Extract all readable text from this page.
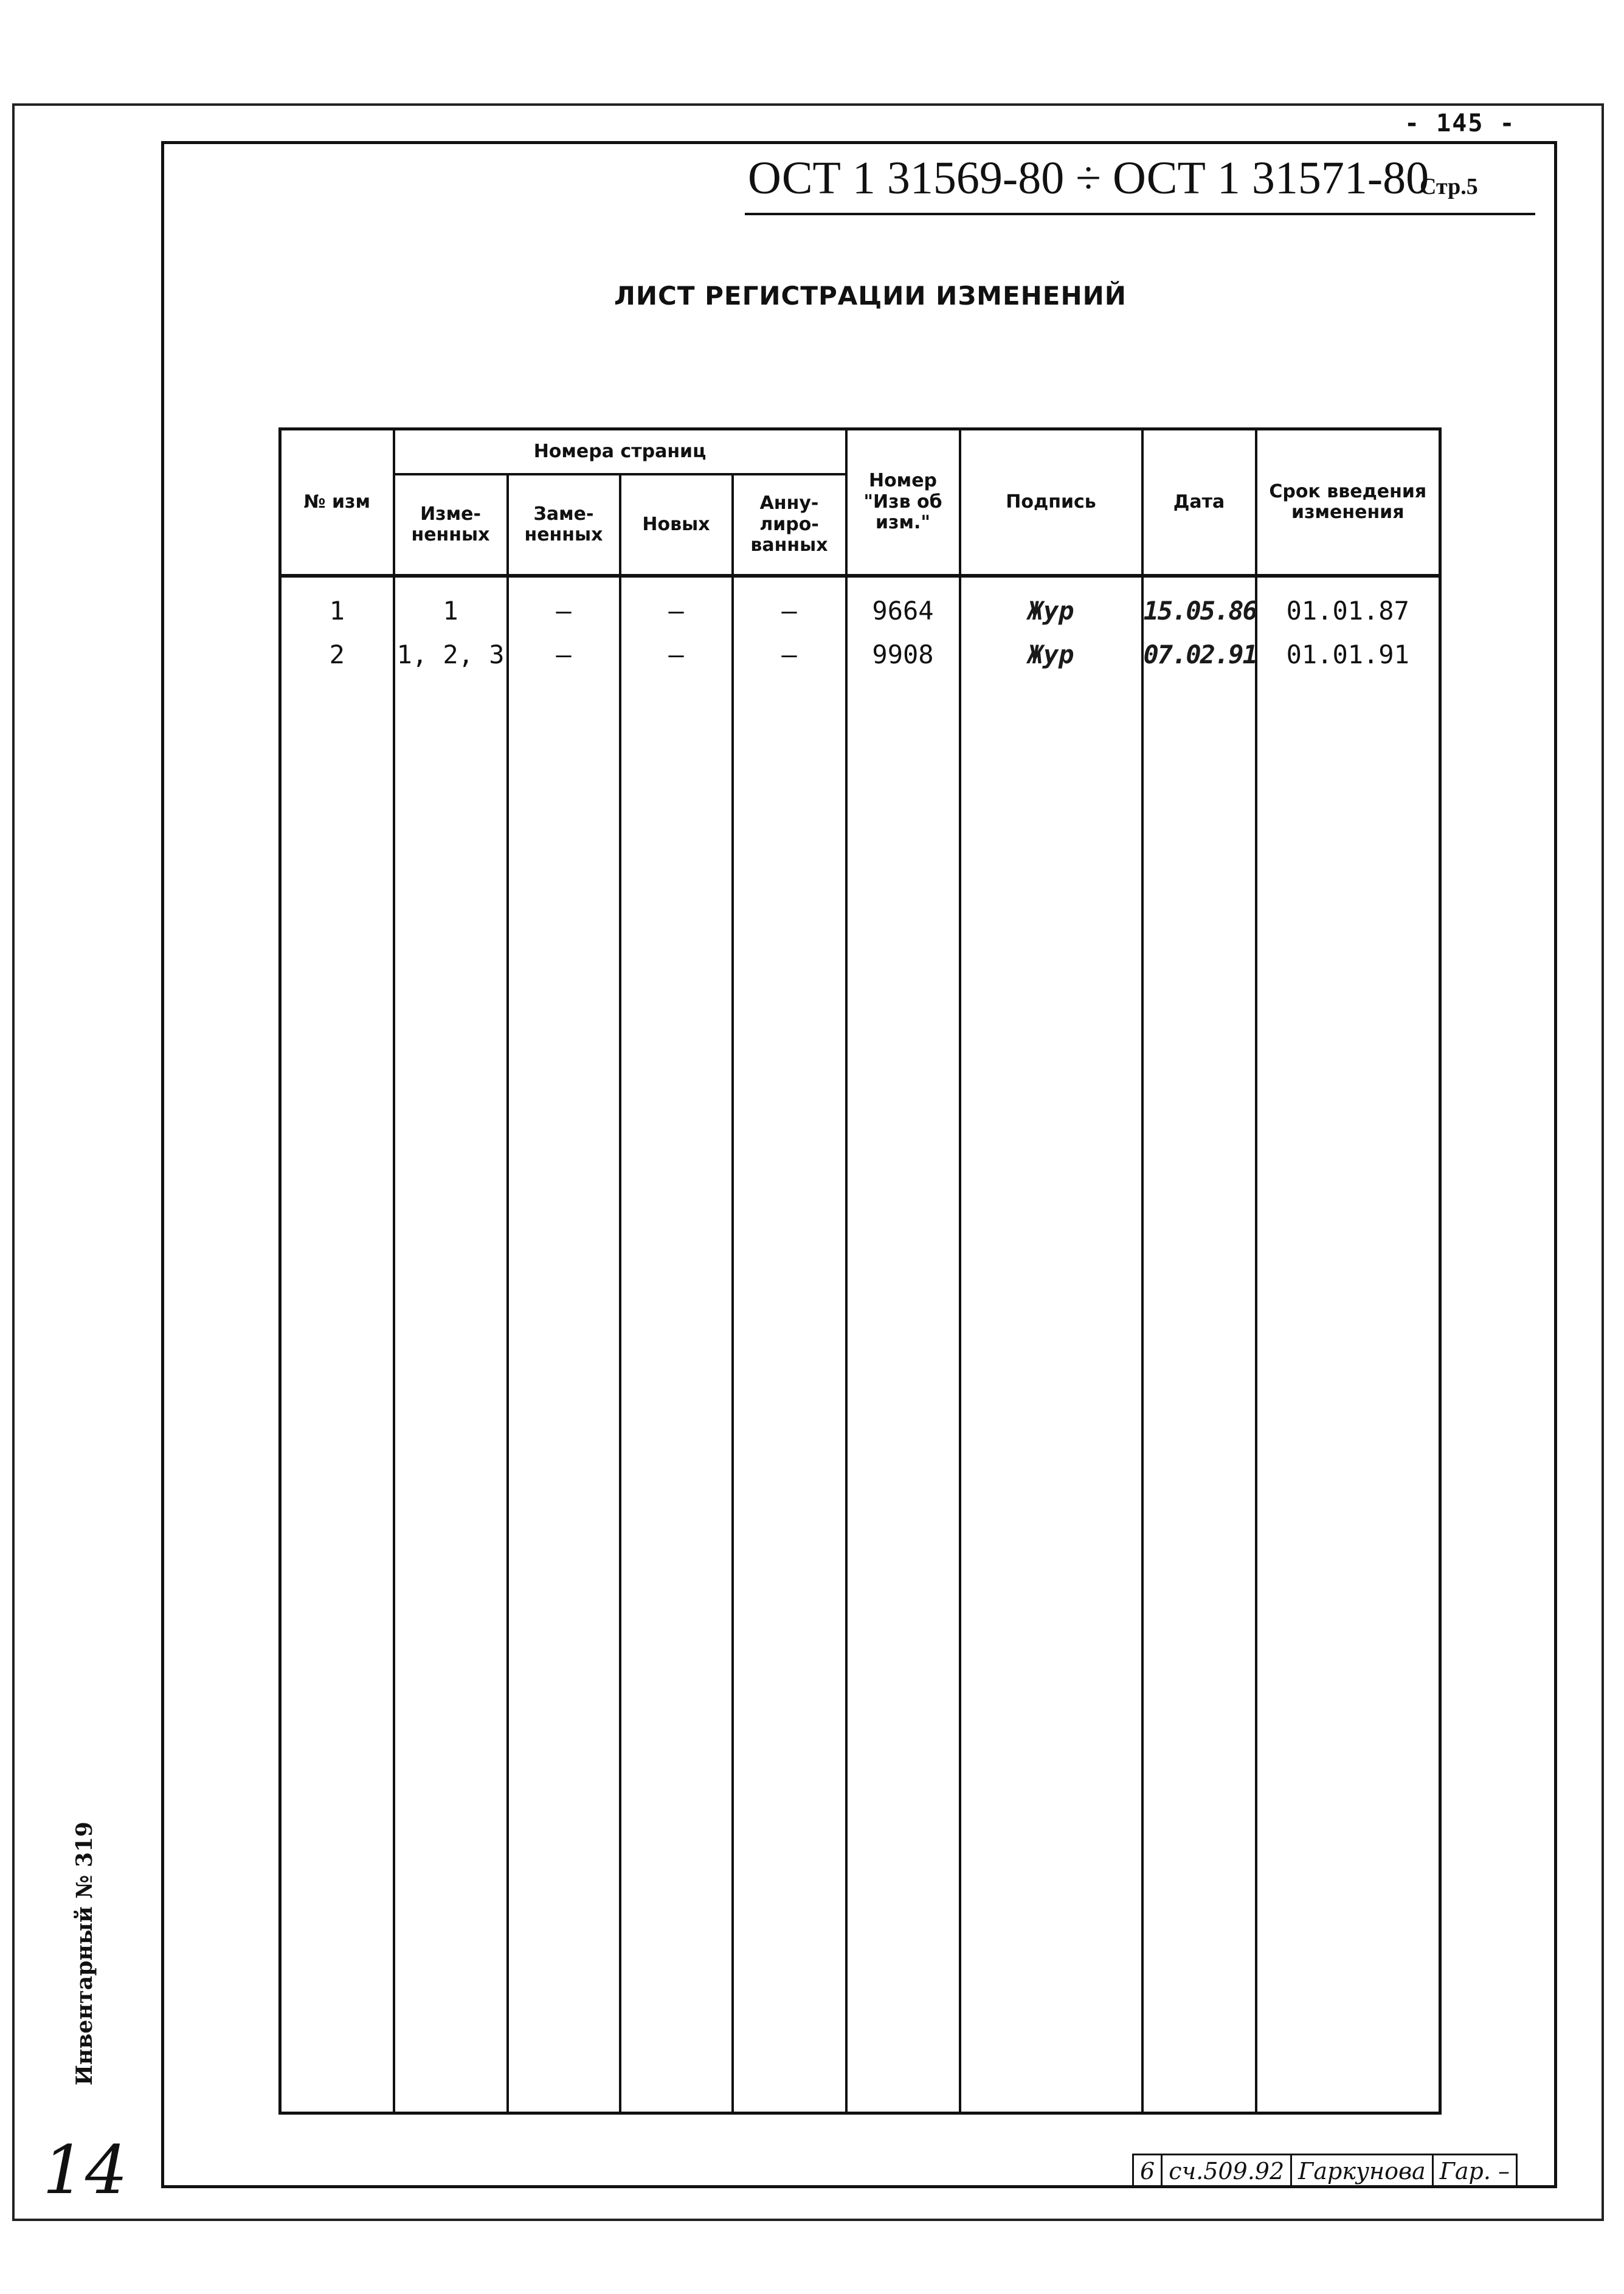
- 145 -
ОСТ 1 31569-80 ÷ ОСТ 1 31571-80
Стр.5
ЛИСТ РЕГИСТРАЦИИ ИЗМЕНЕНИЙ
№ изм	Номера страниц				Номер "Изв об изм."	Подпись	Дата	Срок введения изменения
	Изме- ненных	Заме- ненных	Новых	Анну- лиро- ванных				
1	1	–	–	–	9664	Жур	15.05.86	01.01.87
2	1, 2, 3	–	–	–	9908	Жур	07.02.91	01.01.91

Инвентарный № 319
14	6 сч.509.92 Гаркунова Гар. –
